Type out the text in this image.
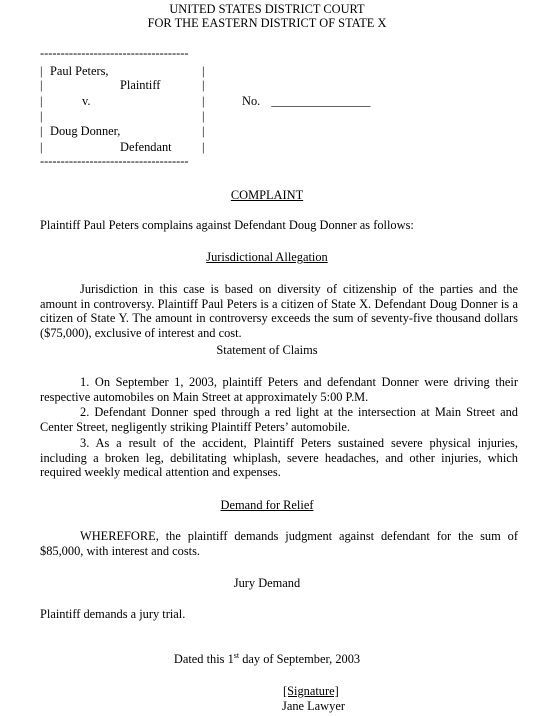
UNITED STATES DISTRICT COURT
FOR THE EASTERN DISTRICT OF STATE X
------------------------------------
| Paul Peters,	|
|	Plaintiff	|
|	v.	|
|	|
| Doug Donner,	|
|	Defendant |
------------------------------------
No. ________________
COMPLAINT
Plaintiff Paul Peters complains against Defendant Doug Donner as follows:
Jurisdictional Allegation
Jurisdiction in this case is based on diversity of citizenship of the parties and the amount in controversy. Plaintiff Paul Peters is a citizen of State X. Defendant Doug Donner is a citizen of State Y. The amount in controversy exceeds the sum of seventy-five thousand dollars ($75,000), exclusive of interest and cost.
Statement of Claims
1. On September 1, 2003, plaintiff Peters and defendant Donner were driving their respective automobiles on Main Street at approximately 5:00 P.M.
2. Defendant Donner sped through a red light at the intersection at Main Street and Center Street, negligently striking Plaintiff Peters’ automobile.
3. As a result of the accident, Plaintiff Peters sustained severe physical injuries, including a broken leg, debilitating whiplash, severe headaches, and other injuries, which required weekly medical attention and expenses.
Demand for Relief
WHEREFORE, the plaintiff demands judgment against defendant for the sum of $85,000, with interest and costs.
Jury Demand
Plaintiff demands a jury trial.
Dated this 1st day of September, 2003
[Signature]
Jane Lawyer
